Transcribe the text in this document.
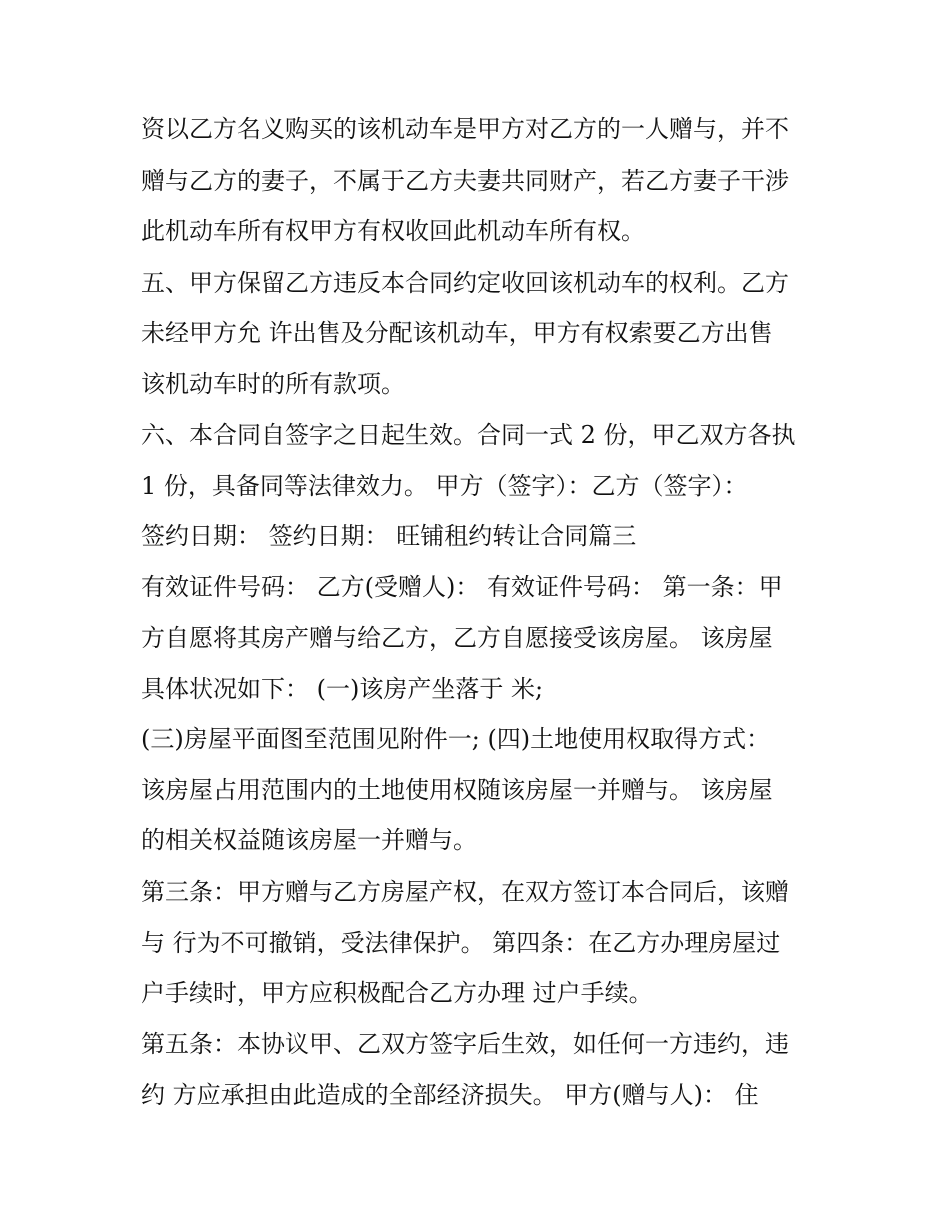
资以乙方名义购买的该机动车是甲方对乙方的一人赠与，并不

赠与乙方的妻子，不属于乙方夫妻共同财产，若乙方妻子干涉

此机动车所有权甲方有权收回此机动车所有权。

五、甲方保留乙方违反本合同约定收回该机动车的权利。乙方

未经甲方允 许出售及分配该机动车，甲方有权索要乙方出售

该机动车时的所有款项。

六、本合同自签字之日起生效。合同一式 2 份，甲乙双方各执

1 份，具备同等法律效力。 甲方（签字）：乙方（签字）：

签约日期： 签约日期： 旺铺租约转让合同篇三

有效证件号码： 乙方(受赠人)： 有效证件号码： 第一条：甲

方自愿将其房产赠与给乙方，乙方自愿接受该房屋。 该房屋

具体状况如下： (一)该房产坐落于 米;

(三)房屋平面图至范围见附件一; (四)土地使用权取得方式：

该房屋占用范围内的土地使用权随该房屋一并赠与。 该房屋

的相关权益随该房屋一并赠与。

第三条：甲方赠与乙方房屋产权，在双方签订本合同后，该赠

与 行为不可撤销，受法律保护。 第四条：在乙方办理房屋过

户手续时，甲方应积极配合乙方办理 过户手续。

第五条：本协议甲、乙双方签字后生效，如任何一方违约，违

约 方应承担由此造成的全部经济损失。 甲方(赠与人)： 住
